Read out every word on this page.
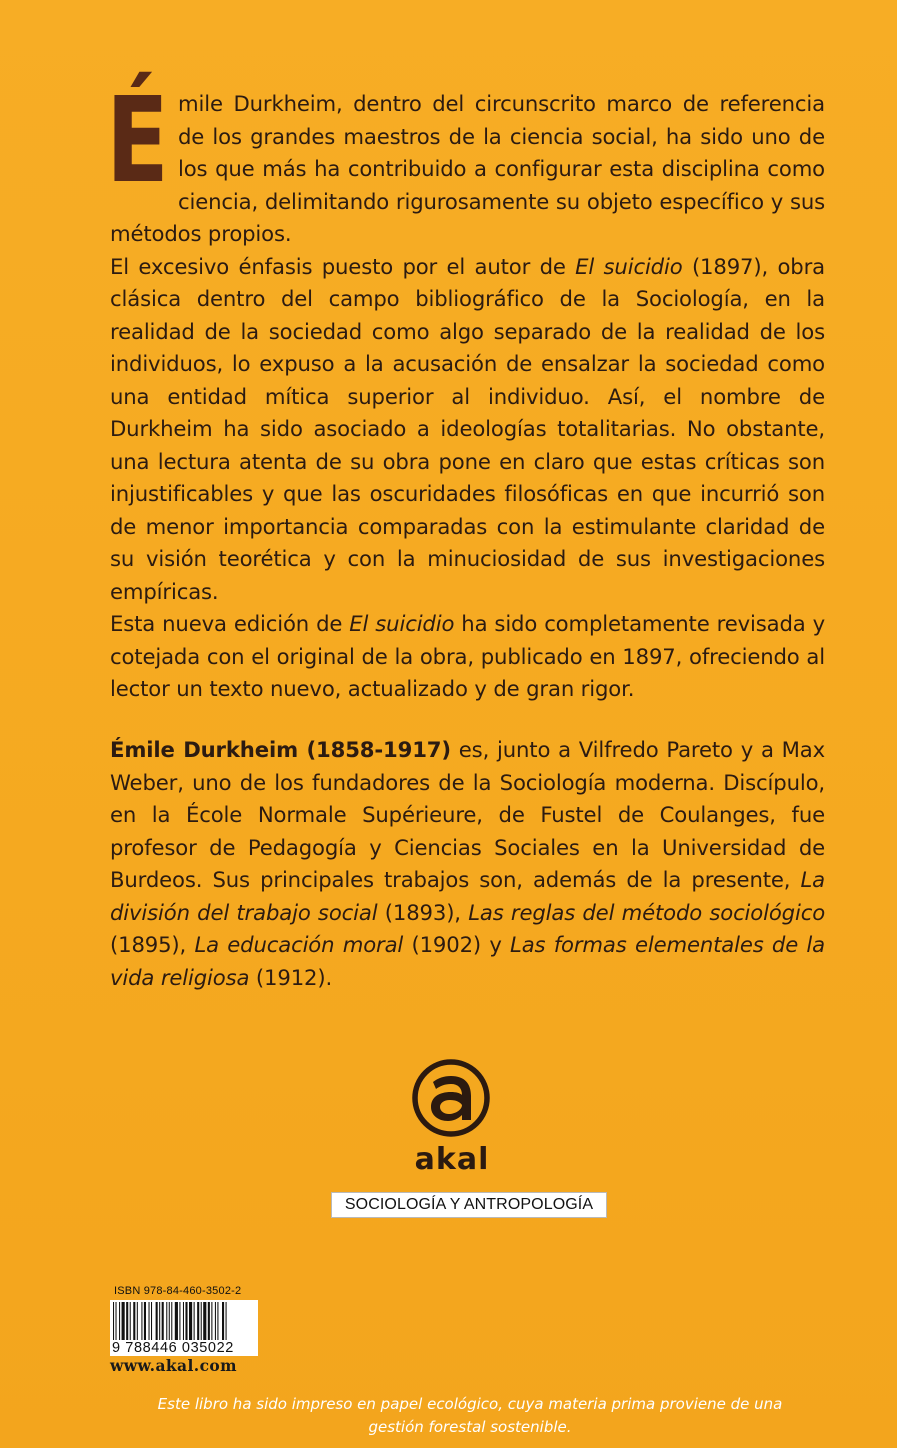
É mile Durkheim, dentro del circunscrito marco de referencia de los grandes maestros de la ciencia social, ha sido uno de los que más ha contribuido a configurar esta disciplina como ciencia, delimitando rigurosamente su objeto específico y sus métodos propios.

El excesivo énfasis puesto por el autor de El suicidio (1897), obra clásica dentro del campo bibliográfico de la Sociología, en la realidad de la sociedad como algo separado de la realidad de los individuos, lo expuso a la acusación de ensalzar la sociedad como una entidad mítica superior al individuo. Así, el nombre de Durkheim ha sido asociado a ideologías totalitarias. No obstante, una lectura atenta de su obra pone en claro que estas críticas son injustificables y que las oscuridades filosóficas en que incurrió son de menor importancia comparadas con la estimulante claridad de su visión teorética y con la minuciosidad de sus investigaciones empíricas.

Esta nueva edición de El suicidio ha sido completamente revisada y cotejada con el original de la obra, publicado en 1897, ofreciendo al lector un texto nuevo, actualizado y de gran rigor.

Émile Durkheim (1858-1917) es, junto a Vilfredo Pareto y a Max Weber, uno de los fundadores de la Sociología moderna. Discípulo, en la École Normale Supérieure, de Fustel de Coulanges, fue profesor de Pedagogía y Ciencias Sociales en la Universidad de Burdeos. Sus principales trabajos son, además de la presente, La división del trabajo social (1893), Las reglas del método sociológico (1895), La educación moral (1902) y Las formas elementales de la vida religiosa (1912).

akal
SOCIOLOGÍA Y ANTROPOLOGÍA
ISBN 978-84-460-3502-2
9 788446 035022
www.akal.com
Este libro ha sido impreso en papel ecológico, cuya materia prima proviene de una gestión forestal sostenible.
